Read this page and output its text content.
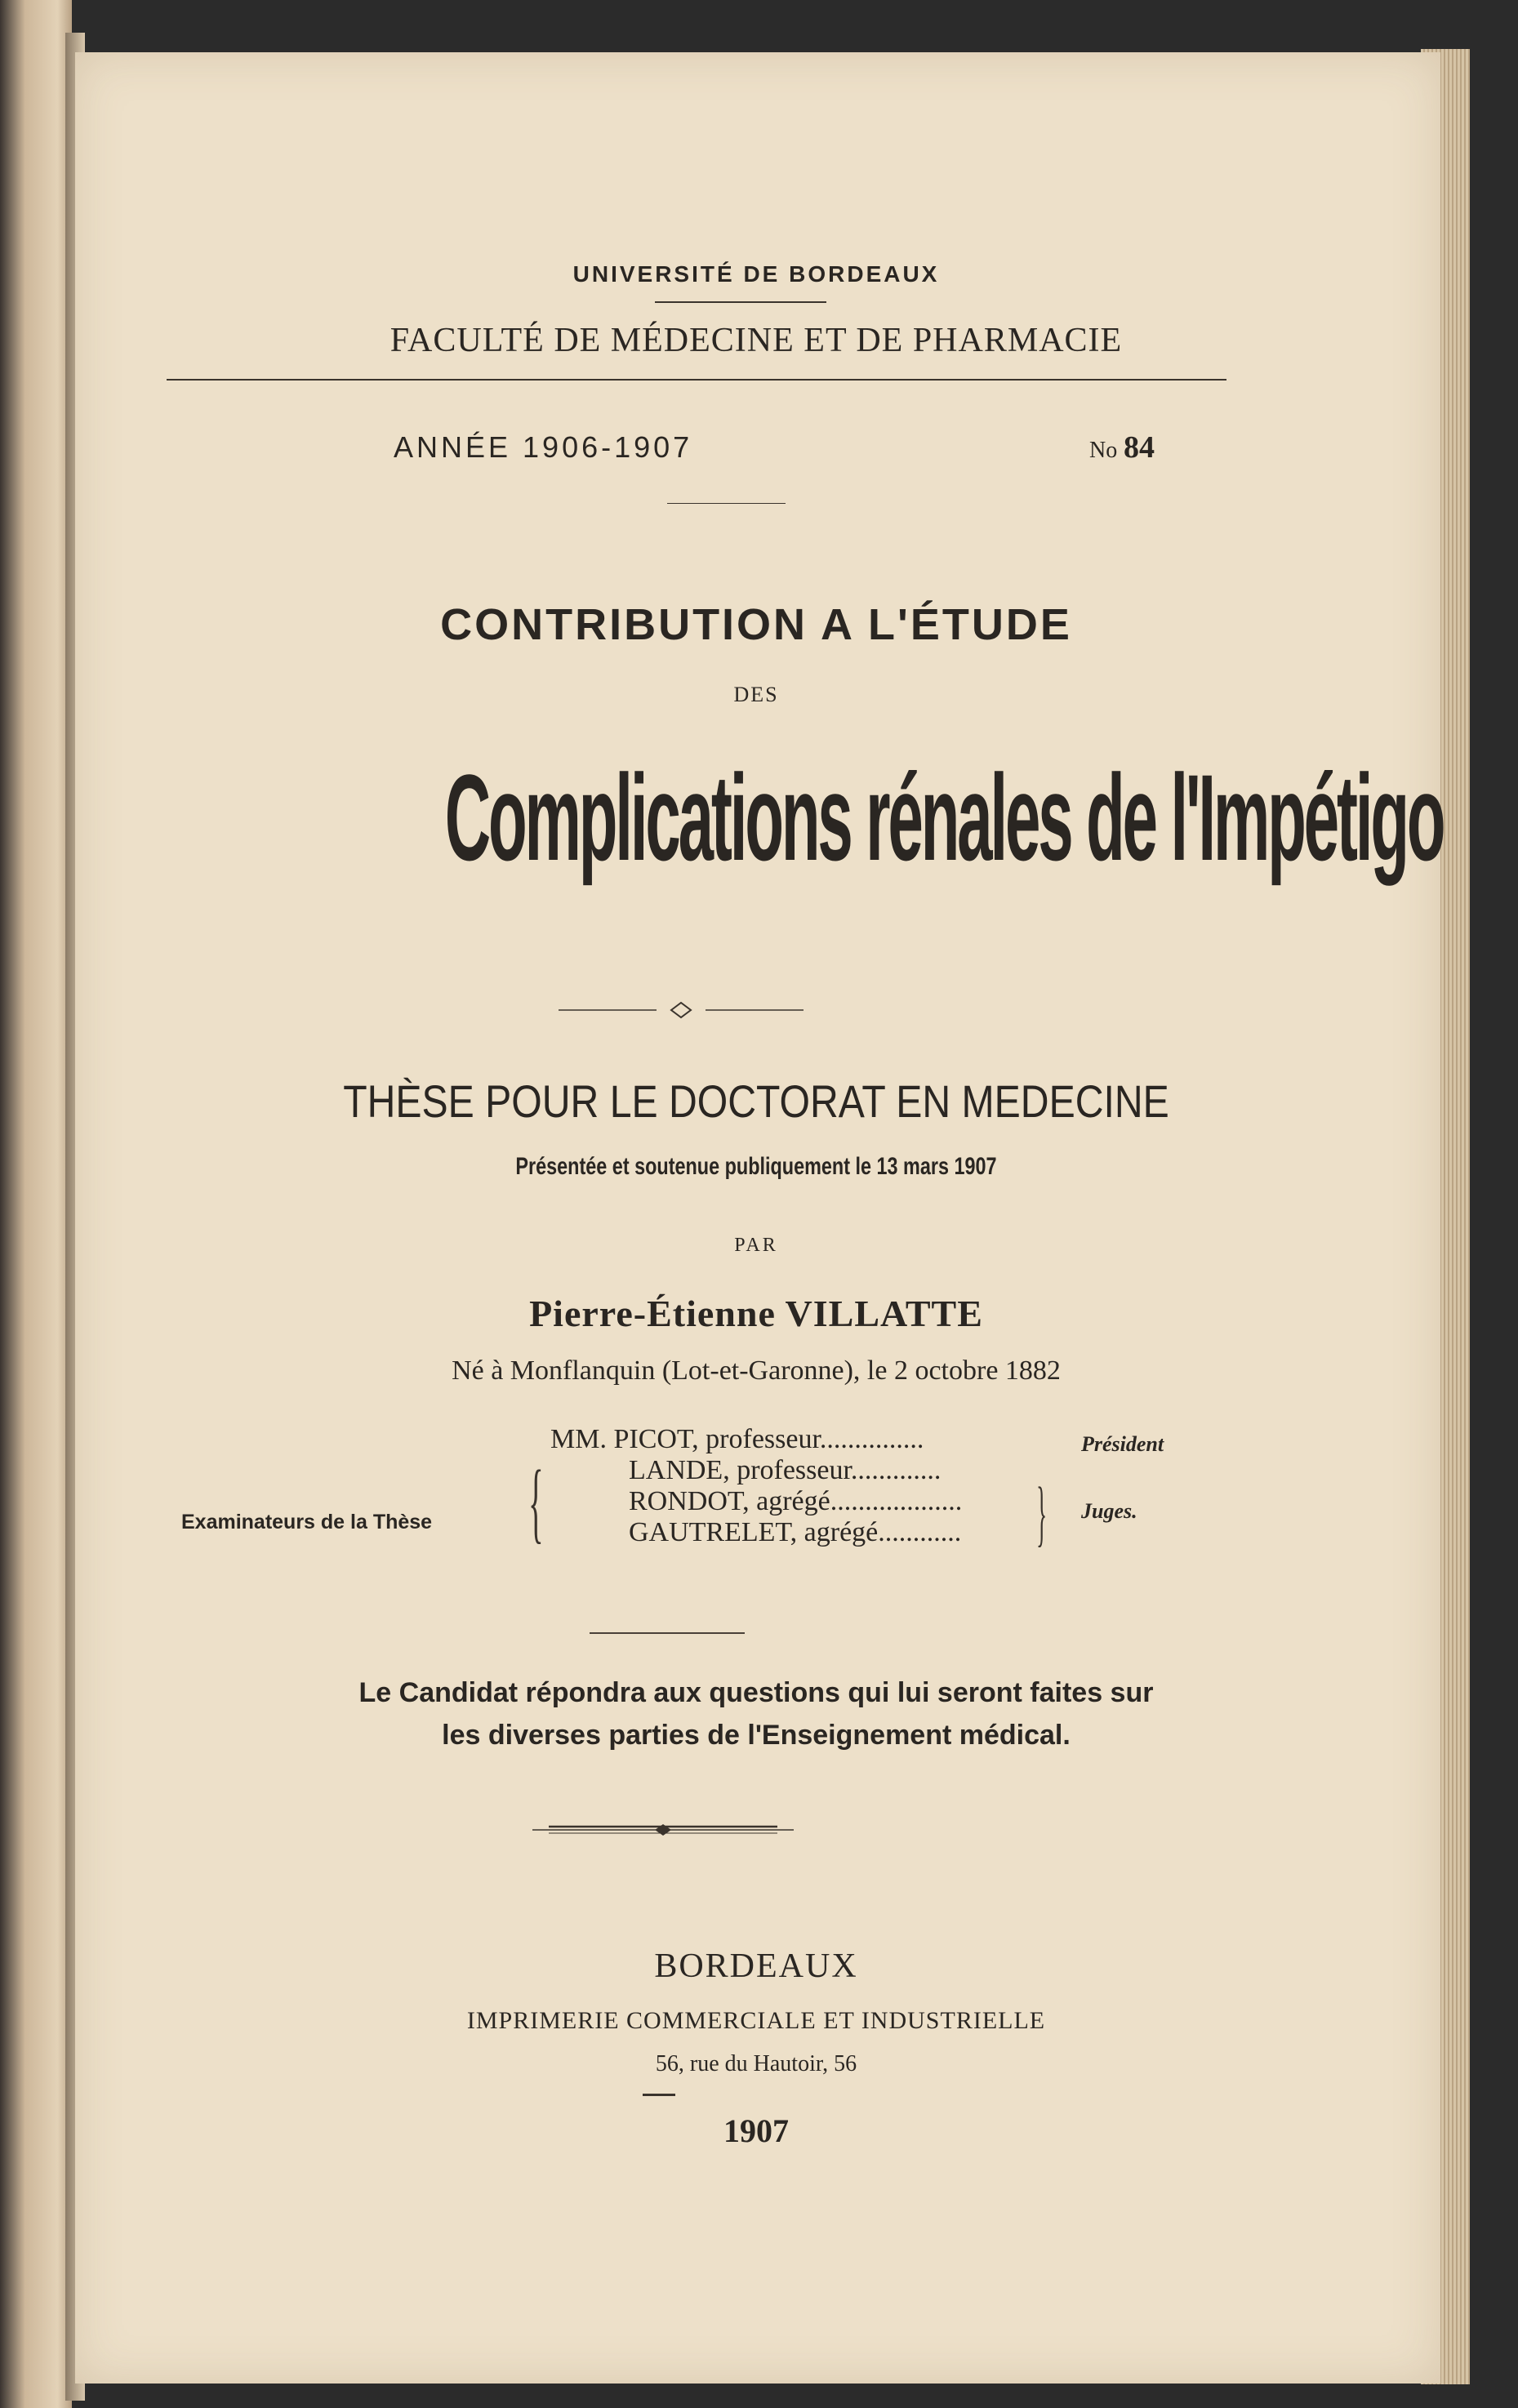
UNIVERSITÉ DE BORDEAUX
FACULTÉ DE MÉDECINE ET DE PHARMACIE
ANNÉE 1906-1907	No 84
CONTRIBUTION A L'ÉTUDE
DES
Complications rénales de l'Impétigo
THÈSE POUR LE DOCTORAT EN MEDECINE
Présentée et soutenue publiquement le 13 mars 1907
PAR
Pierre-Étienne VILLATTE
Né à Monflanquin (Lot-et-Garonne), le 2 octobre 1882
Examinateurs de la Thèse {
MM. PICOT, professeur...............
LANDE, professeur.............
RONDOT, agrégé...................
GAUTRELET, agrégé............
Président
} Juges.
Le Candidat répondra aux questions qui lui seront faites sur
les diverses parties de l'Enseignement médical.
BORDEAUX
IMPRIMERIE COMMERCIALE ET INDUSTRIELLE
56, rue du Hautoir, 56
1907
